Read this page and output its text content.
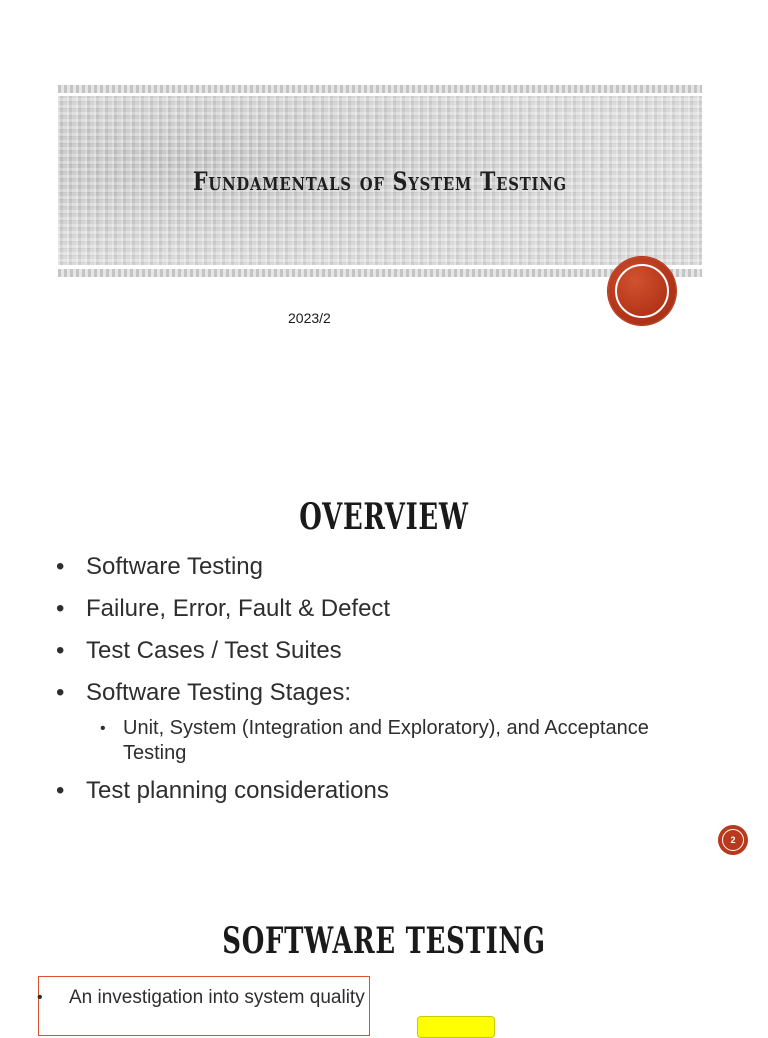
Fundamentals of System Testing
2023/2
OVERVIEW
• Software Testing
• Failure, Error, Fault & Defect
• Test Cases / Test Suites
• Software Testing Stages:
• Unit, System (Integration and Exploratory), and Acceptance Testing
• Test planning considerations
2
SOFTWARE TESTING
• An investigation into system quality
